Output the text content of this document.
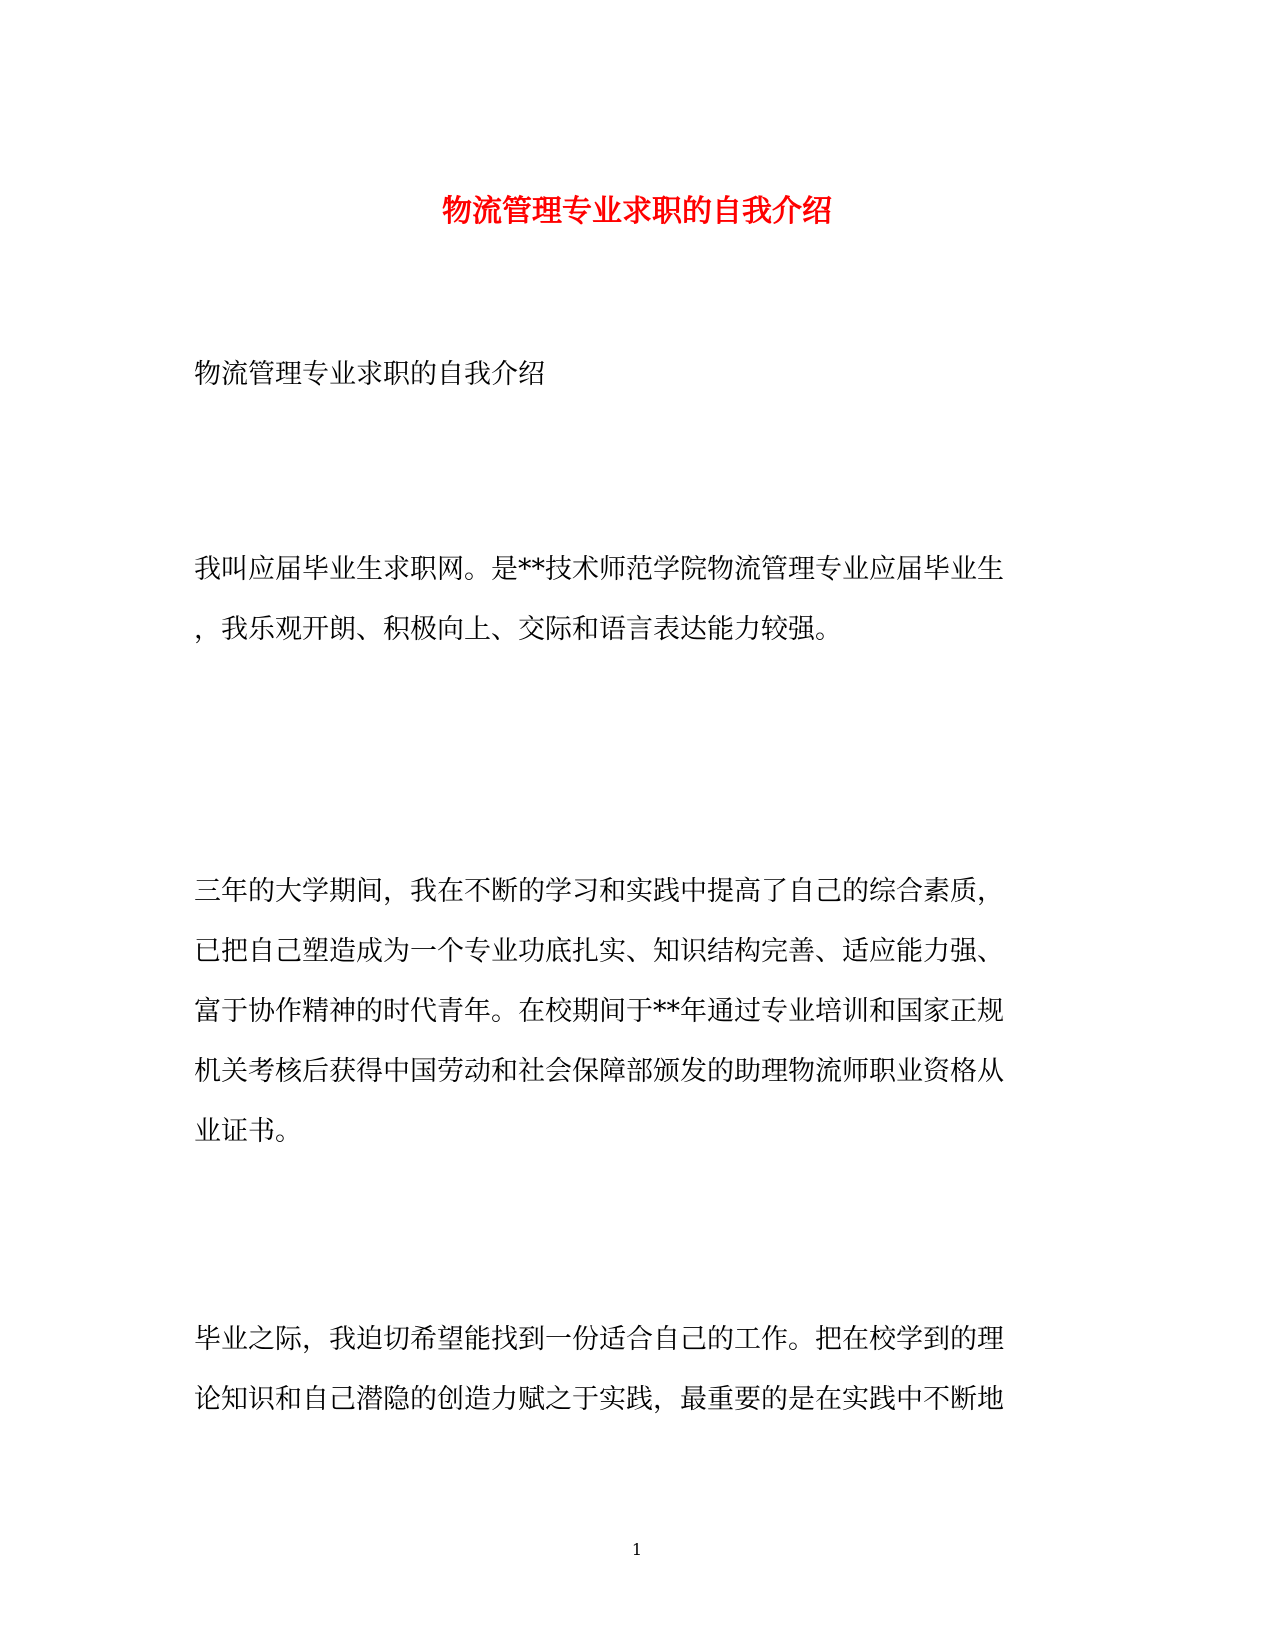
物流管理专业求职的自我介绍

物流管理专业求职的自我介绍

我叫应届毕业生求职网。是**技术师范学院物流管理专业应届毕业生
，我乐观开朗、积极向上、交际和语言表达能力较强。

三年的大学期间，我在不断的学习和实践中提高了自己的综合素质，
已把自己塑造成为一个专业功底扎实、知识结构完善、适应能力强、
富于协作精神的时代青年。在校期间于**年通过专业培训和国家正规
机关考核后获得中国劳动和社会保障部颁发的助理物流师职业资格从
业证书。

毕业之际，我迫切希望能找到一份适合自己的工作。把在校学到的理
论知识和自己潜隐的创造力赋之于实践，最重要的是在实践中不断地

1
